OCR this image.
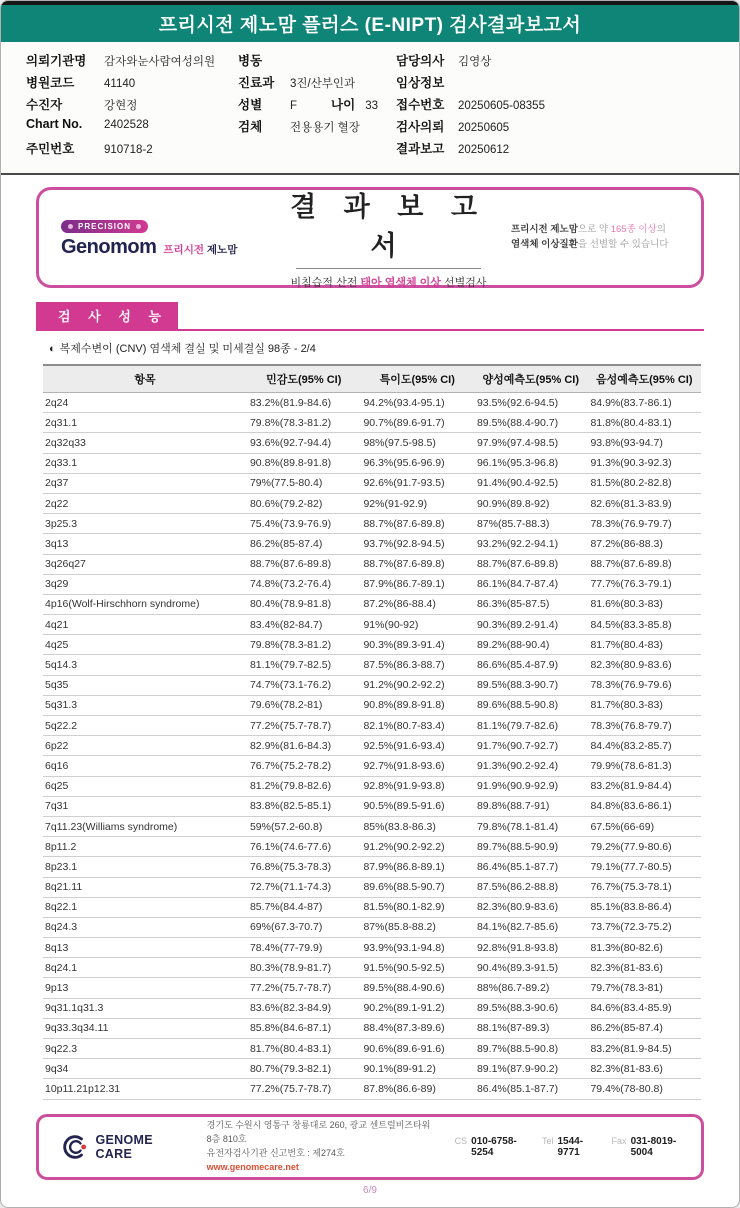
프리시전 제노맘 플러스 (E-NIPT) 검사결과보고서
의뢰기관명	감자와눈사람여성의원
병원코드	41140
수진자	강현정
Chart No.	2402528
주민번호	910718-2
병동
진료과	3진/산부인과
성별	F	나이 33
검체	전용용기 혈장
담당의사	김영상
임상정보
접수번호	20250605-08355
검사의뢰	20250605
결과보고	20250612
PRECISION
Genomom 프리시전 제노맘
결 과 보 고 서
비침습적 산전 태아 염색체 이상 선별검사
프리시전 제노맘으로 약 165종 이상의
염색체 이상질환을 선별할 수 있습니다
검 사 성 능
◐ 복제수변이 (CNV) 염색체 결실 및 미세결실 98종 - 2/4
항목	민감도(95% CI)	특이도(95% CI)	양성예측도(95% CI)	음성예측도(95% CI)
2q24	83.2%(81.9-84.6)	94.2%(93.4-95.1)	93.5%(92.6-94.5)	84.9%(83.7-86.1)
2q31.1	79.8%(78.3-81.2)	90.7%(89.6-91.7)	89.5%(88.4-90.7)	81.8%(80.4-83.1)
2q32q33	93.6%(92.7-94.4)	98%(97.5-98.5)	97.9%(97.4-98.5)	93.8%(93-94.7)
2q33.1	90.8%(89.8-91.8)	96.3%(95.6-96.9)	96.1%(95.3-96.8)	91.3%(90.3-92.3)
2q37	79%(77.5-80.4)	92.6%(91.7-93.5)	91.4%(90.4-92.5)	81.5%(80.2-82.8)
2q22	80.6%(79.2-82)	92%(91-92.9)	90.9%(89.8-92)	82.6%(81.3-83.9)
3p25.3	75.4%(73.9-76.9)	88.7%(87.6-89.8)	87%(85.7-88.3)	78.3%(76.9-79.7)
3q13	86.2%(85-87.4)	93.7%(92.8-94.5)	93.2%(92.2-94.1)	87.2%(86-88.3)
3q26q27	88.7%(87.6-89.8)	88.7%(87.6-89.8)	88.7%(87.6-89.8)	88.7%(87.6-89.8)
3q29	74.8%(73.2-76.4)	87.9%(86.7-89.1)	86.1%(84.7-87.4)	77.7%(76.3-79.1)
4p16(Wolf-Hirschhorn syndrome)	80.4%(78.9-81.8)	87.2%(86-88.4)	86.3%(85-87.5)	81.6%(80.3-83)
4q21	83.4%(82-84.7)	91%(90-92)	90.3%(89.2-91.4)	84.5%(83.3-85.8)
4q25	79.8%(78.3-81.2)	90.3%(89.3-91.4)	89.2%(88-90.4)	81.7%(80.4-83)
5q14.3	81.1%(79.7-82.5)	87.5%(86.3-88.7)	86.6%(85.4-87.9)	82.3%(80.9-83.6)
5q35	74.7%(73.1-76.2)	91.2%(90.2-92.2)	89.5%(88.3-90.7)	78.3%(76.9-79.6)
5q31.3	79.6%(78.2-81)	90.8%(89.8-91.8)	89.6%(88.5-90.8)	81.7%(80.3-83)
5q22.2	77.2%(75.7-78.7)	82.1%(80.7-83.4)	81.1%(79.7-82.6)	78.3%(76.8-79.7)
6p22	82.9%(81.6-84.3)	92.5%(91.6-93.4)	91.7%(90.7-92.7)	84.4%(83.2-85.7)
6q16	76.7%(75.2-78.2)	92.7%(91.8-93.6)	91.3%(90.2-92.4)	79.9%(78.6-81.3)
6q25	81.2%(79.8-82.6)	92.8%(91.9-93.8)	91.9%(90.9-92.9)	83.2%(81.9-84.4)
7q31	83.8%(82.5-85.1)	90.5%(89.5-91.6)	89.8%(88.7-91)	84.8%(83.6-86.1)
7q11.23(Williams syndrome)	59%(57.2-60.8)	85%(83.8-86.3)	79.8%(78.1-81.4)	67.5%(66-69)
8p11.2	76.1%(74.6-77.6)	91.2%(90.2-92.2)	89.7%(88.5-90.9)	79.2%(77.9-80.6)
8p23.1	76.8%(75.3-78.3)	87.9%(86.8-89.1)	86.4%(85.1-87.7)	79.1%(77.7-80.5)
8q21.11	72.7%(71.1-74.3)	89.6%(88.5-90.7)	87.5%(86.2-88.8)	76.7%(75.3-78.1)
8q22.1	85.7%(84.4-87)	81.5%(80.1-82.9)	82.3%(80.9-83.6)	85.1%(83.8-86.4)
8q24.3	69%(67.3-70.7)	87%(85.8-88.2)	84.1%(82.7-85.6)	73.7%(72.3-75.2)
8q13	78.4%(77-79.9)	93.9%(93.1-94.8)	92.8%(91.8-93.8)	81.3%(80-82.6)
8q24.1	80.3%(78.9-81.7)	91.5%(90.5-92.5)	90.4%(89.3-91.5)	82.3%(81-83.6)
9p13	77.2%(75.7-78.7)	89.5%(88.4-90.6)	88%(86.7-89.2)	79.7%(78.3-81)
9q31.1q31.3	83.6%(82.3-84.9)	90.2%(89.1-91.2)	89.5%(88.3-90.6)	84.6%(83.4-85.9)
9q33.3q34.11	85.8%(84.6-87.1)	88.4%(87.3-89.6)	88.1%(87-89.3)	86.2%(85-87.4)
9q22.3	81.7%(80.4-83.1)	90.6%(89.6-91.6)	89.7%(88.5-90.8)	83.2%(81.9-84.5)
9q34	80.7%(79.3-82.1)	90.1%(89-91.2)	89.1%(87.9-90.2)	82.3%(81-83.6)
10p11.21p12.31	77.2%(75.7-78.7)	87.8%(86.6-89)	86.4%(85.1-87.7)	79.4%(78-80.8)
GENOME CARE
경기도 수원시 영통구 창룡대로 260, 광교 센트럴비즈타워 8층 810호
유전자검사기관 신고번호 : 제274호
www.genomecare.net
CS 010-6758-5254
Tel 1544-9771
Fax 031-8019-5004
6/9
